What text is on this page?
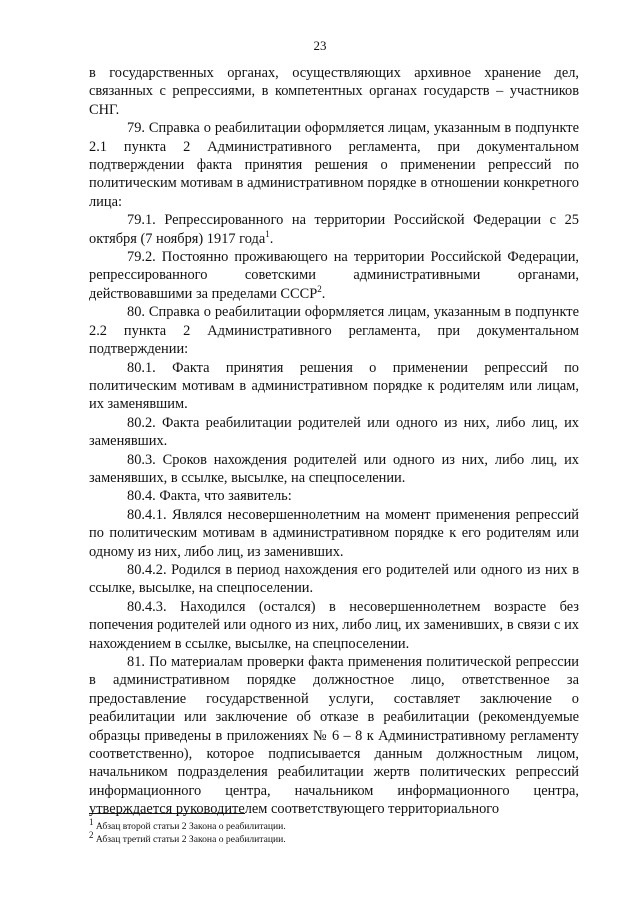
23

в государственных органах, осуществляющих архивное хранение дел, связанных с репрессиями, в компетентных органах государств – участников СНГ.

79. Справка о реабилитации оформляется лицам, указанным в подпункте 2.1 пункта 2 Административного регламента, при документальном подтверждении факта принятия решения о применении репрессий по политическим мотивам в административном порядке в отношении конкретного лица:

79.1. Репрессированного на территории Российской Федерации с 25 октября (7 ноября) 1917 года$^1$.

79.2. Постоянно проживающего на территории Российской Федерации, репрессированного советскими административными органами, действовавшими за пределами СССР$^2$.

80. Справка о реабилитации оформляется лицам, указанным в подпункте 2.2 пункта 2 Административного регламента, при документальном подтверждении:

80.1. Факта принятия решения о применении репрессий по политическим мотивам в административном порядке к родителям или лицам, их заменявшим.

80.2. Факта реабилитации родителей или одного из них, либо лиц, их заменявших.

80.3. Сроков нахождения родителей или одного из них, либо лиц, их заменявших, в ссылке, высылке, на спецпоселении.

80.4. Факта, что заявитель:

80.4.1. Являлся несовершеннолетним на момент применения репрессий по политическим мотивам в административном порядке к его родителям или одному из них, либо лиц, из заменивших.

80.4.2. Родился в период нахождения его родителей или одного из них в ссылке, высылке, на спецпоселении.

80.4.3. Находился (остался) в несовершеннолетнем возрасте без попечения родителей или одного из них, либо лиц, их заменивших, в связи с их нахождением в ссылке, высылке, на спецпоселении.

81. По материалам проверки факта применения политической репрессии в административном порядке должностное лицо, ответственное за предоставление государственной услуги, составляет заключение о реабилитации или заключение об отказе в реабилитации (рекомендуемые образцы приведены в приложениях № 6 – 8 к Административному регламенту соответственно), которое подписывается данным должностным лицом, начальником подразделения реабилитации жертв политических репрессий информационного центра, начальником информационного центра, утверждается руководителем соответствующего территориального

$^1$ Абзац второй статьи 2 Закона о реабилитации.

$^2$ Абзац третий статьи 2 Закона о реабилитации.
